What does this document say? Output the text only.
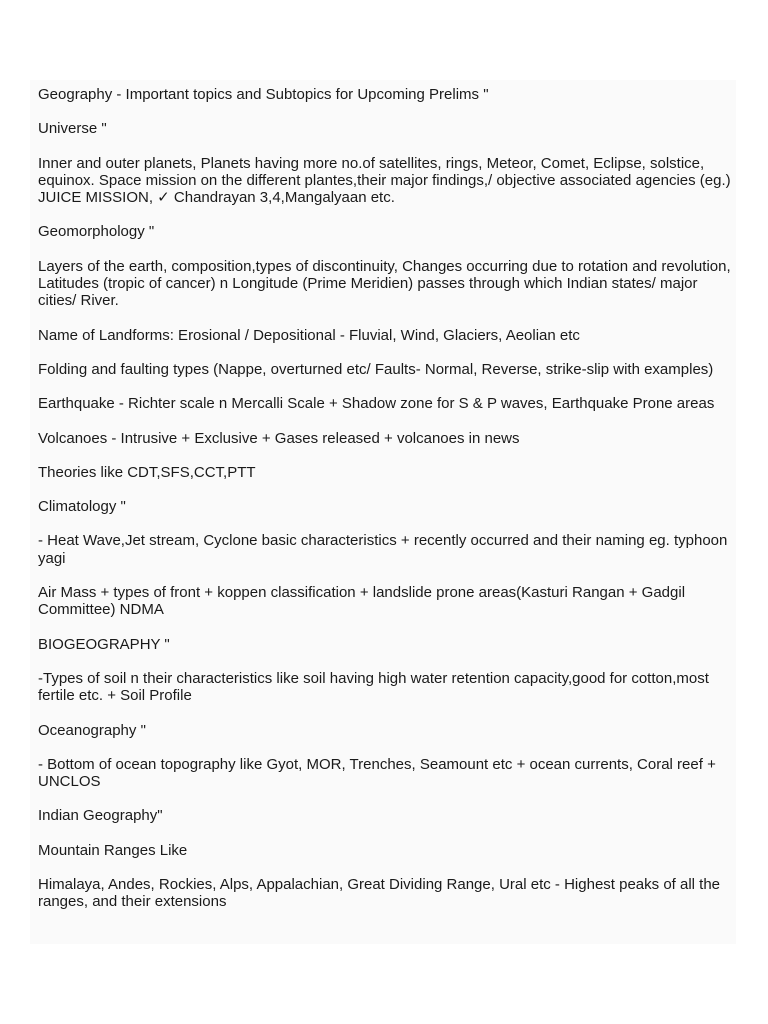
Geography - Important topics and Subtopics for Upcoming Prelims "

Universe "

Inner and outer planets, Planets having more no.of satellites, rings, Meteor, Comet, Eclipse, solstice, equinox. Space mission on the different plantes,their major findings,/ objective associated agencies (eg.) JUICE MISSION, ✓ Chandrayan 3,4,Mangalyaan etc.

Geomorphology "

Layers of the earth, composition,types of discontinuity, Changes occurring due to rotation and revolution, Latitudes (tropic of cancer) n Longitude (Prime Meridien) passes through which Indian states/ major cities/ River.

Name of Landforms: Erosional / Depositional - Fluvial, Wind, Glaciers, Aeolian etc

Folding and faulting types (Nappe, overturned etc/ Faults- Normal, Reverse, strike-slip with examples)

Earthquake - Richter scale n Mercalli Scale + Shadow zone for S & P waves, Earthquake Prone areas

Volcanoes - Intrusive + Exclusive + Gases released + volcanoes in news

Theories like CDT,SFS,CCT,PTT

Climatology "

- Heat Wave,Jet stream, Cyclone basic characteristics + recently occurred and their naming eg. typhoon yagi

Air Mass + types of front + koppen classification + landslide prone areas(Kasturi Rangan + Gadgil Committee) NDMA

BIOGEOGRAPHY "

-Types of soil n their characteristics like soil having high water retention capacity,good for cotton,most fertile etc. + Soil Profile

Oceanography "

- Bottom of ocean topography like Gyot, MOR, Trenches, Seamount etc + ocean currents, Coral reef + UNCLOS

Indian Geography"

Mountain Ranges Like

Himalaya, Andes, Rockies, Alps, Appalachian, Great Dividing Range, Ural etc - Highest peaks of all the ranges, and their extensions
